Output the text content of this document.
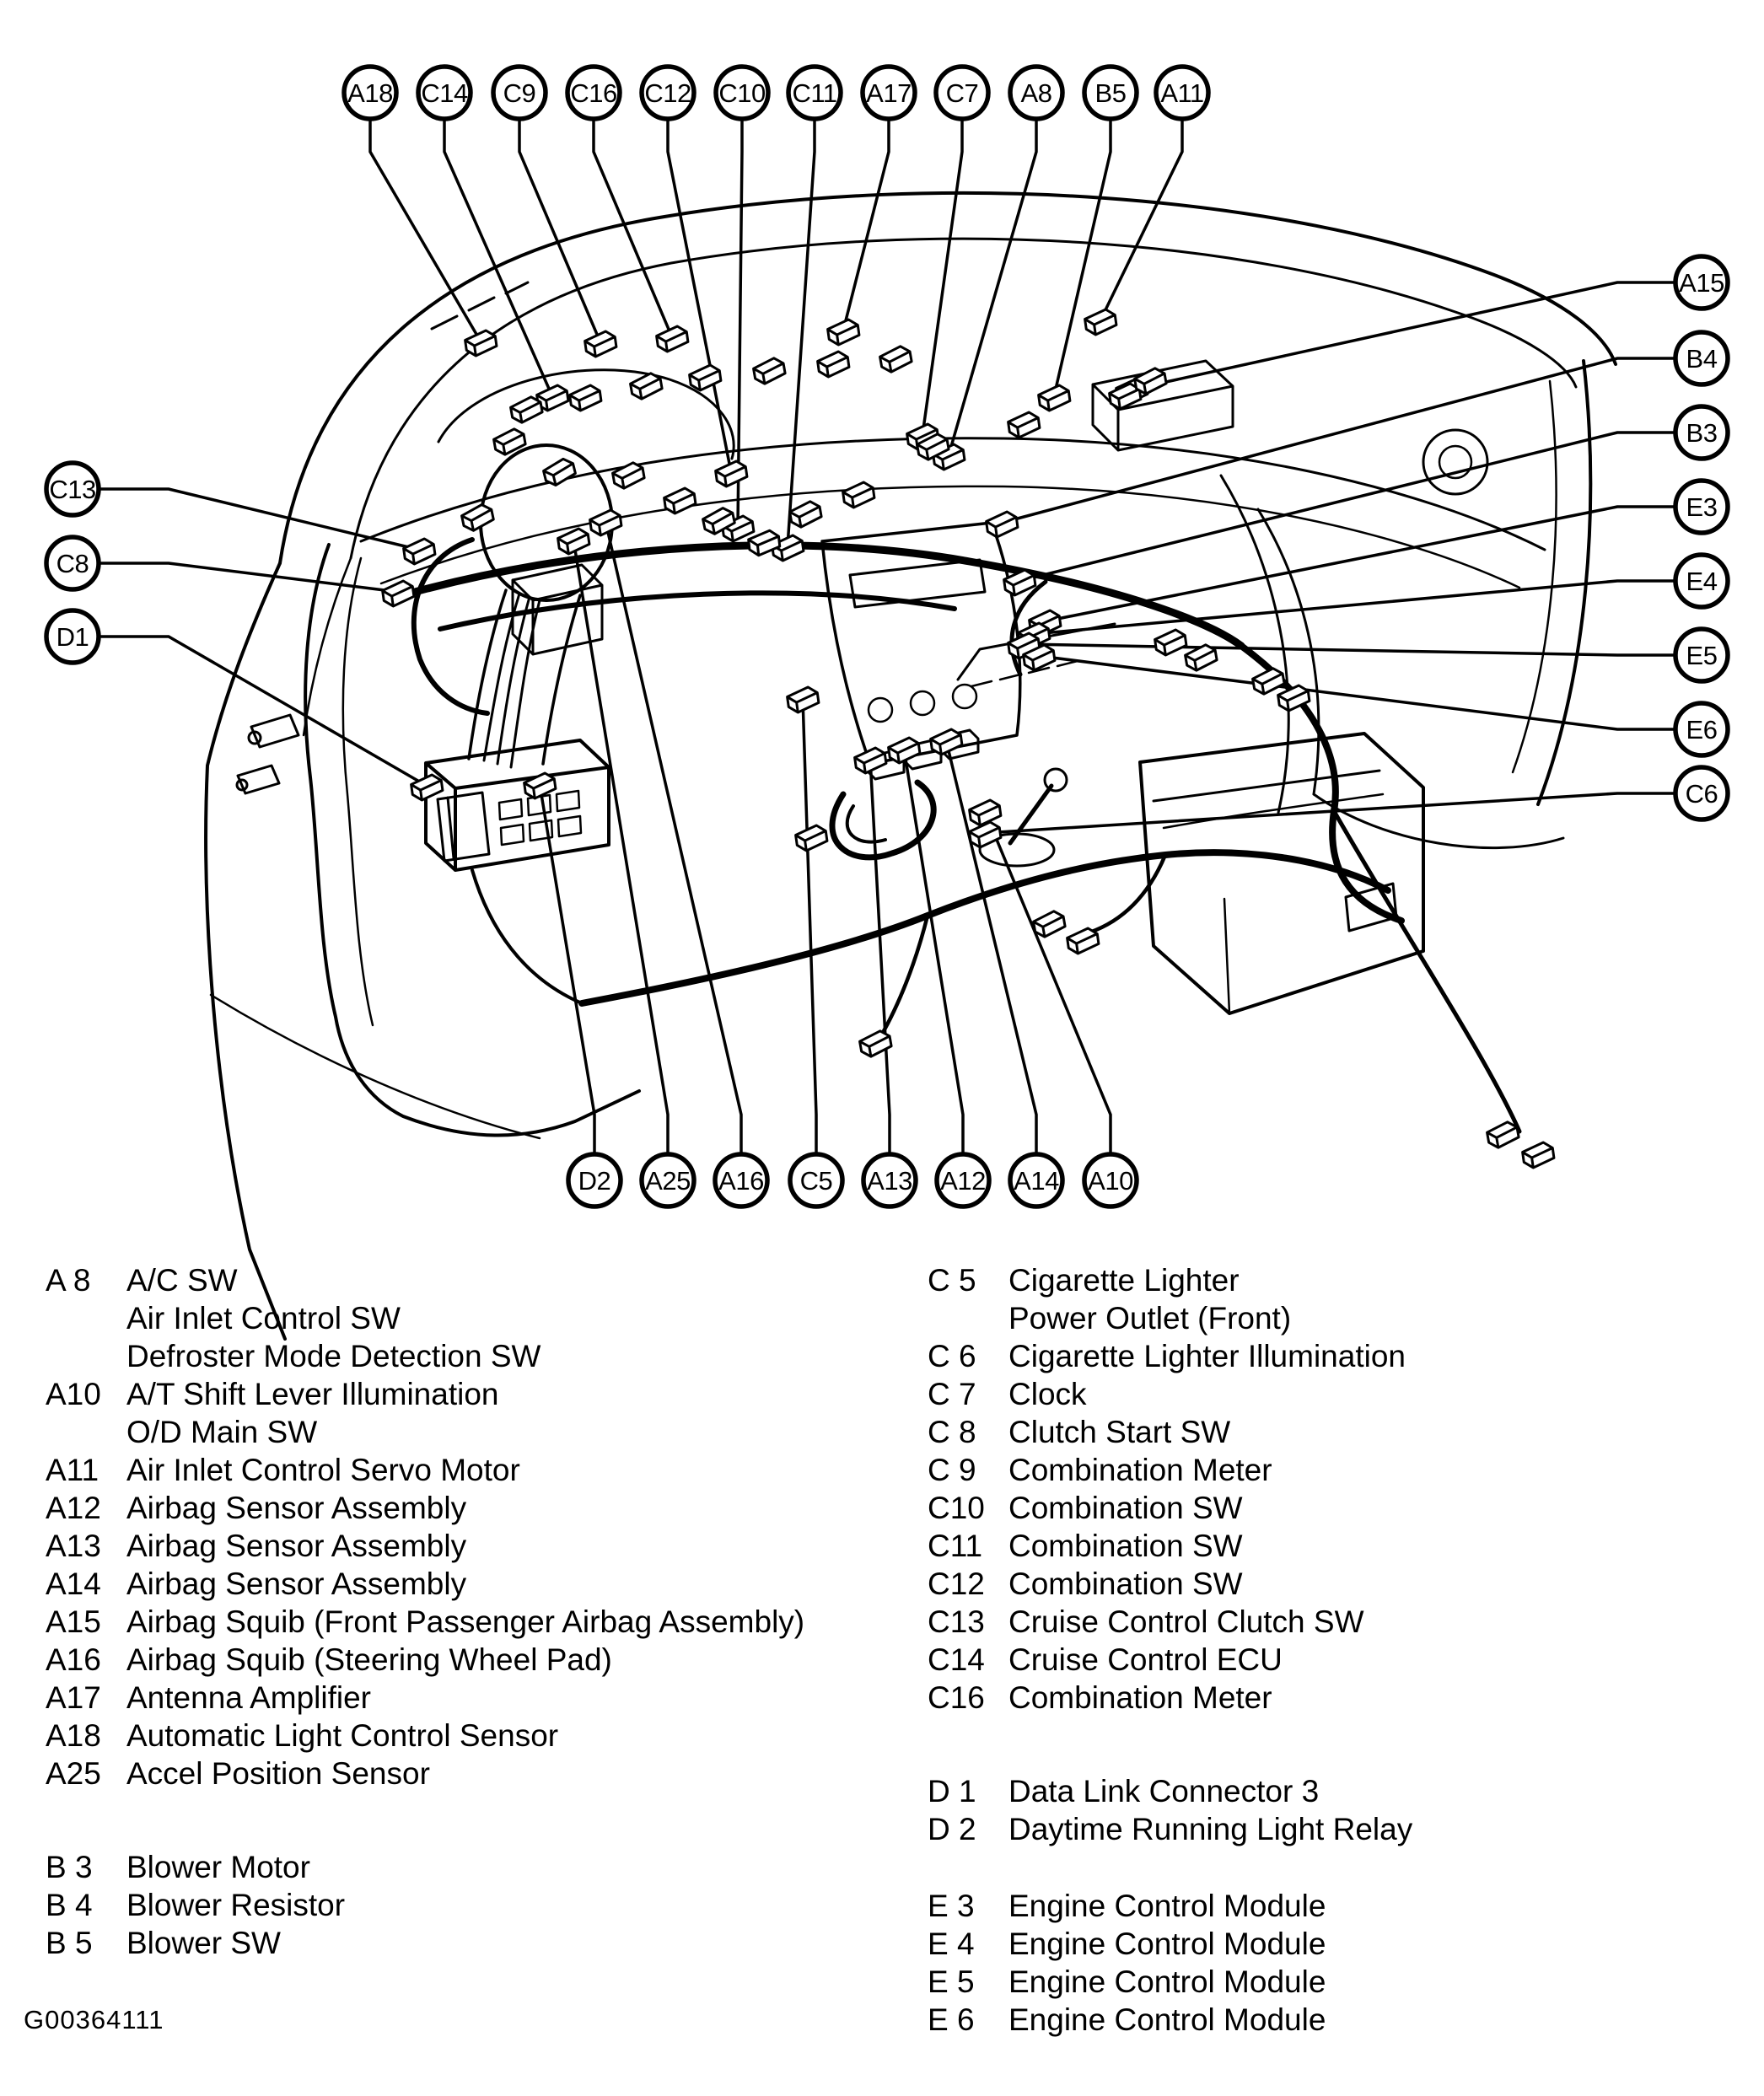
A18 C14 C9 C16 C12 C10 C11 A17 C7 A8 B5 A11
A15
B4
B3
E3
E4
E5
E6
C6
C13
C8
D1
D2 A25 A16 C5 A13 A12 A14 A10
A 8	A/C SW
Air Inlet Control SW
Defroster Mode Detection SW
A10 A/T Shift Lever Illumination
O/D Main SW
A11 Air Inlet Control Servo Motor
A12 Airbag Sensor Assembly
A13 Airbag Sensor Assembly
A14 Airbag Sensor Assembly
A15 Airbag Squib (Front Passenger Airbag Assembly)
A16 Airbag Squib (Steering Wheel Pad)
A17 Antenna Amplifier
A18 Automatic Light Control Sensor
A25 Accel Position Sensor
B 3	Blower Motor
B 4	Blower Resistor
B 5	Blower SW
C 5	Cigarette Lighter
Power Outlet (Front)
C 6	Cigarette Lighter Illumination
C 7	Clock
C 8	Clutch Start SW
C 9	Combination Meter
C10 Combination SW
C11 Combination SW
C12 Combination SW
C13 Cruise Control Clutch SW
C14 Cruise Control ECU
C16 Combination Meter
D 1	Data Link Connector 3
D 2	Daytime Running Light Relay
E 3	Engine Control Module
E 4	Engine Control Module
E 5	Engine Control Module
E 6	Engine Control Module
G00364111
